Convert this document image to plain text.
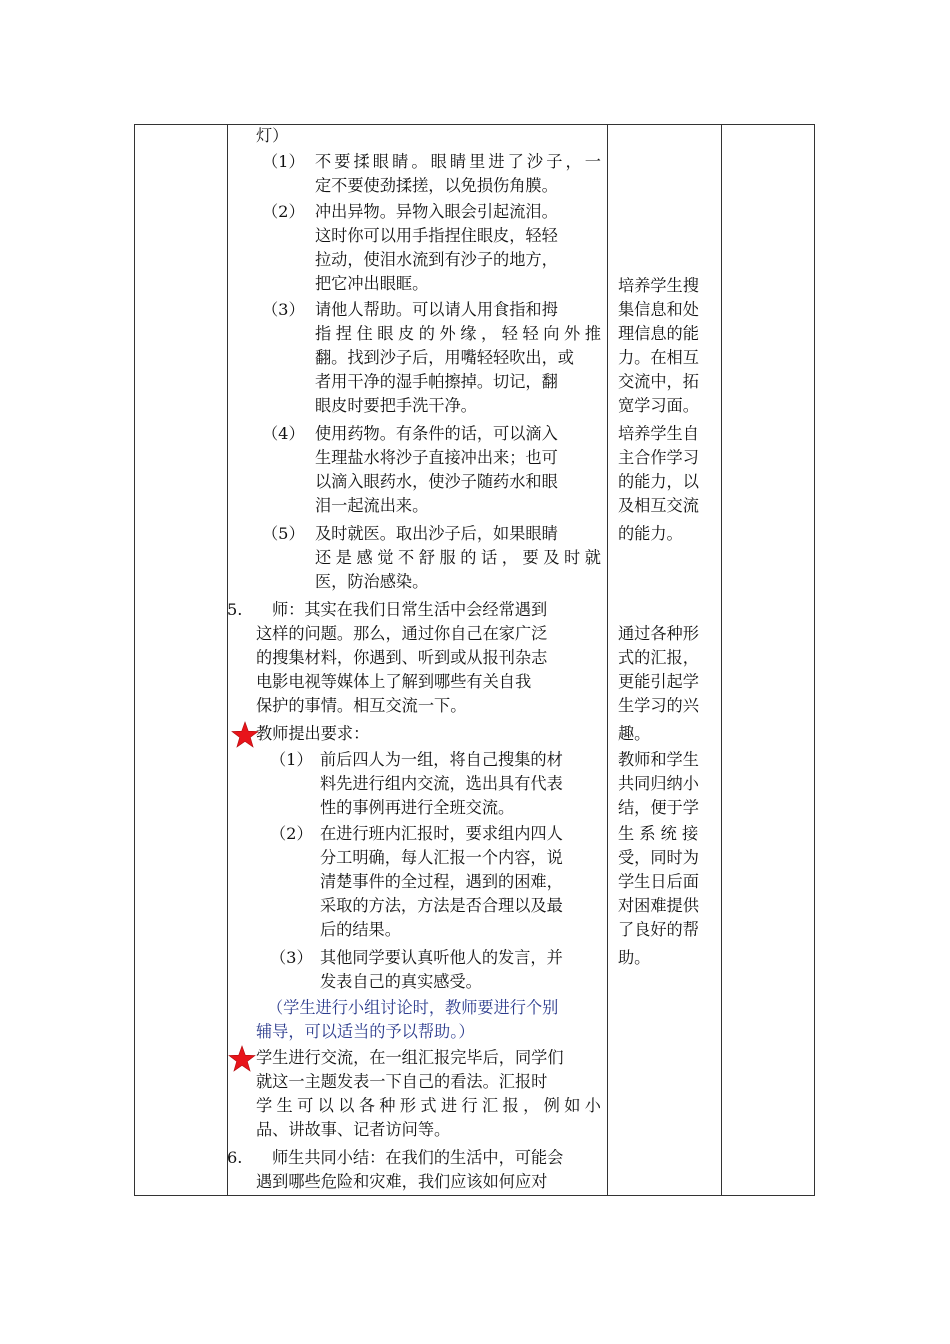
灯）
（1） 不 要 揉 眼 睛 。 眼 睛 里 进 了 沙 子 ， 一
定不要使劲揉搓，以免损伤角膜。
（2） 冲出异物。异物入眼会引起流泪。
这时你可以用手指捏住眼皮，轻轻
拉动，使泪水流到有沙子的地方，
把它冲出眼眶。
（3） 请他人帮助。可以请人用食指和拇
指 捏 住 眼 皮 的 外 缘 ， 轻 轻 向 外 推
翻。找到沙子后，用嘴轻轻吹出，或
者用干净的湿手帕擦掉。切记，翻
眼皮时要把手洗干净。
（4） 使用药物。有条件的话，可以滴入
生理盐水将沙子直接冲出来；也可
以滴入眼药水，使沙子随药水和眼
泪一起流出来。
（5） 及时就医。取出沙子后，如果眼睛
还 是 感 觉 不 舒 服 的 话 ， 要 及 时 就
医，防治感染。
5. 师：其实在我们日常生活中会经常遇到
这样的问题。那么，通过你自己在家广泛
的搜集材料，你遇到、听到或从报刊杂志
电影电视等媒体上了解到哪些有关自我
保护的事情。相互交流一下。
教师提出要求：
（1） 前后四人为一组，将自己搜集的材
料先进行组内交流，选出具有代表
性的事例再进行全班交流。
（2） 在进行班内汇报时，要求组内四人
分工明确，每人汇报一个内容，说
清楚事件的全过程，遇到的困难，
采取的方法，方法是否合理以及最
后的结果。
（3） 其他同学要认真听他人的发言，并
发表自己的真实感受。
（学生进行小组讨论时，教师要进行个别
辅导，可以适当的予以帮助。）
学生进行交流，在一组汇报完毕后，同学们
就这一主题发表一下自己的看法。汇报时
学 生 可 以 以 各 种 形 式 进 行 汇 报 ， 例 如 小
品、讲故事、记者访问等。
6. 师生共同小结：在我们的生活中，可能会
遇到哪些危险和灾难，我们应该如何应对
培养学生搜
集信息和处
理信息的能
力。在相互
交流中，拓
宽学习面。
培养学生自
主合作学习
的能力，以
及相互交流
的能力。
通过各种形
式的汇报，
更能引起学
生学习的兴
趣。
教师和学生
共同归纳小
结，便于学
生 系 统 接
受，同时为
学生日后面
对困难提供
了良好的帮
助。
